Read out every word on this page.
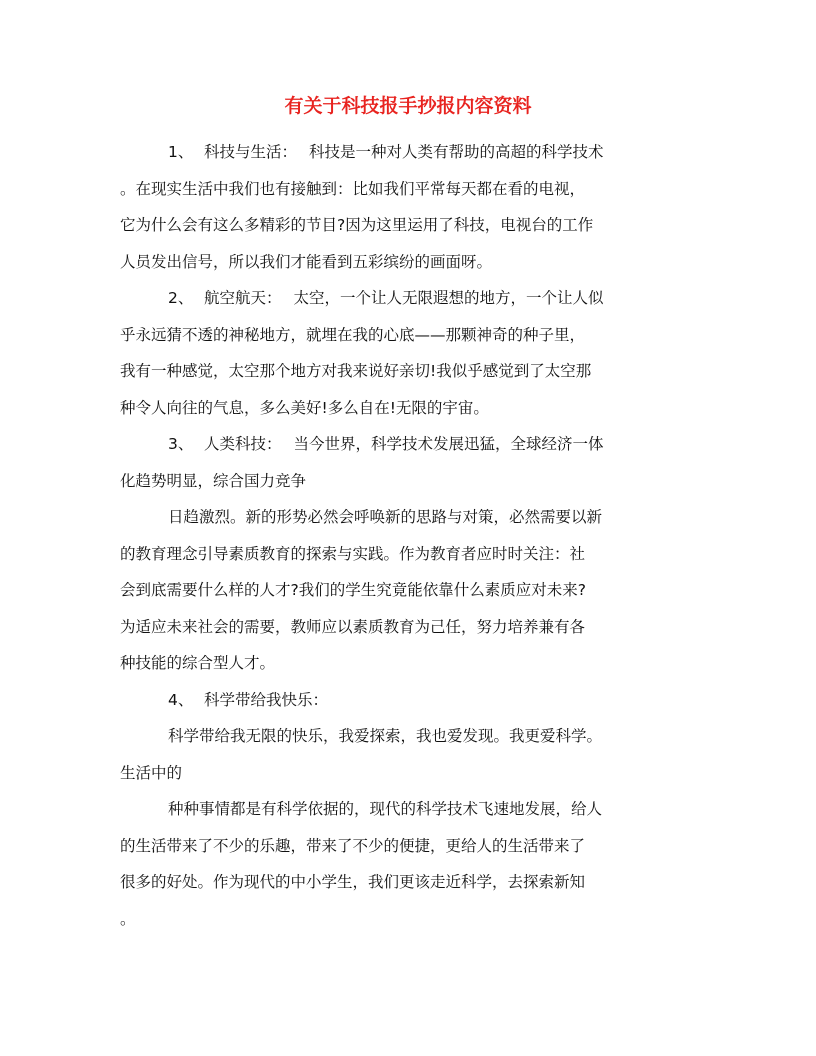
有关于科技报手抄报内容资料
1、 科技与生活： 科技是一种对人类有帮助的高超的科学技术
。在现实生活中我们也有接触到：比如我们平常每天都在看的电视，
它为什么会有这么多精彩的节目?因为这里运用了科技，电视台的工作
人员发出信号，所以我们才能看到五彩缤纷的画面呀。
2、 航空航天： 太空，一个让人无限遐想的地方，一个让人似
乎永远猜不透的神秘地方，就埋在我的心底——那颗神奇的种子里，
我有一种感觉，太空那个地方对我来说好亲切!我似乎感觉到了太空那
种令人向往的气息，多么美好!多么自在!无限的宇宙。
3、 人类科技： 当今世界，科学技术发展迅猛，全球经济一体
化趋势明显，综合国力竞争
日趋激烈。新的形势必然会呼唤新的思路与对策，必然需要以新
的教育理念引导素质教育的探索与实践。作为教育者应时时关注：社
会到底需要什么样的人才?我们的学生究竟能依靠什么素质应对未来?
为适应未来社会的需要，教师应以素质教育为己任，努力培养兼有各
种技能的综合型人才。
4、 科学带给我快乐：
科学带给我无限的快乐，我爱探索，我也爱发现。我更爱科学。
生活中的
种种事情都是有科学依据的，现代的科学技术飞速地发展，给人
的生活带来了不少的乐趣，带来了不少的便捷，更给人的生活带来了
很多的好处。作为现代的中小学生，我们更该走近科学，去探索新知
。
